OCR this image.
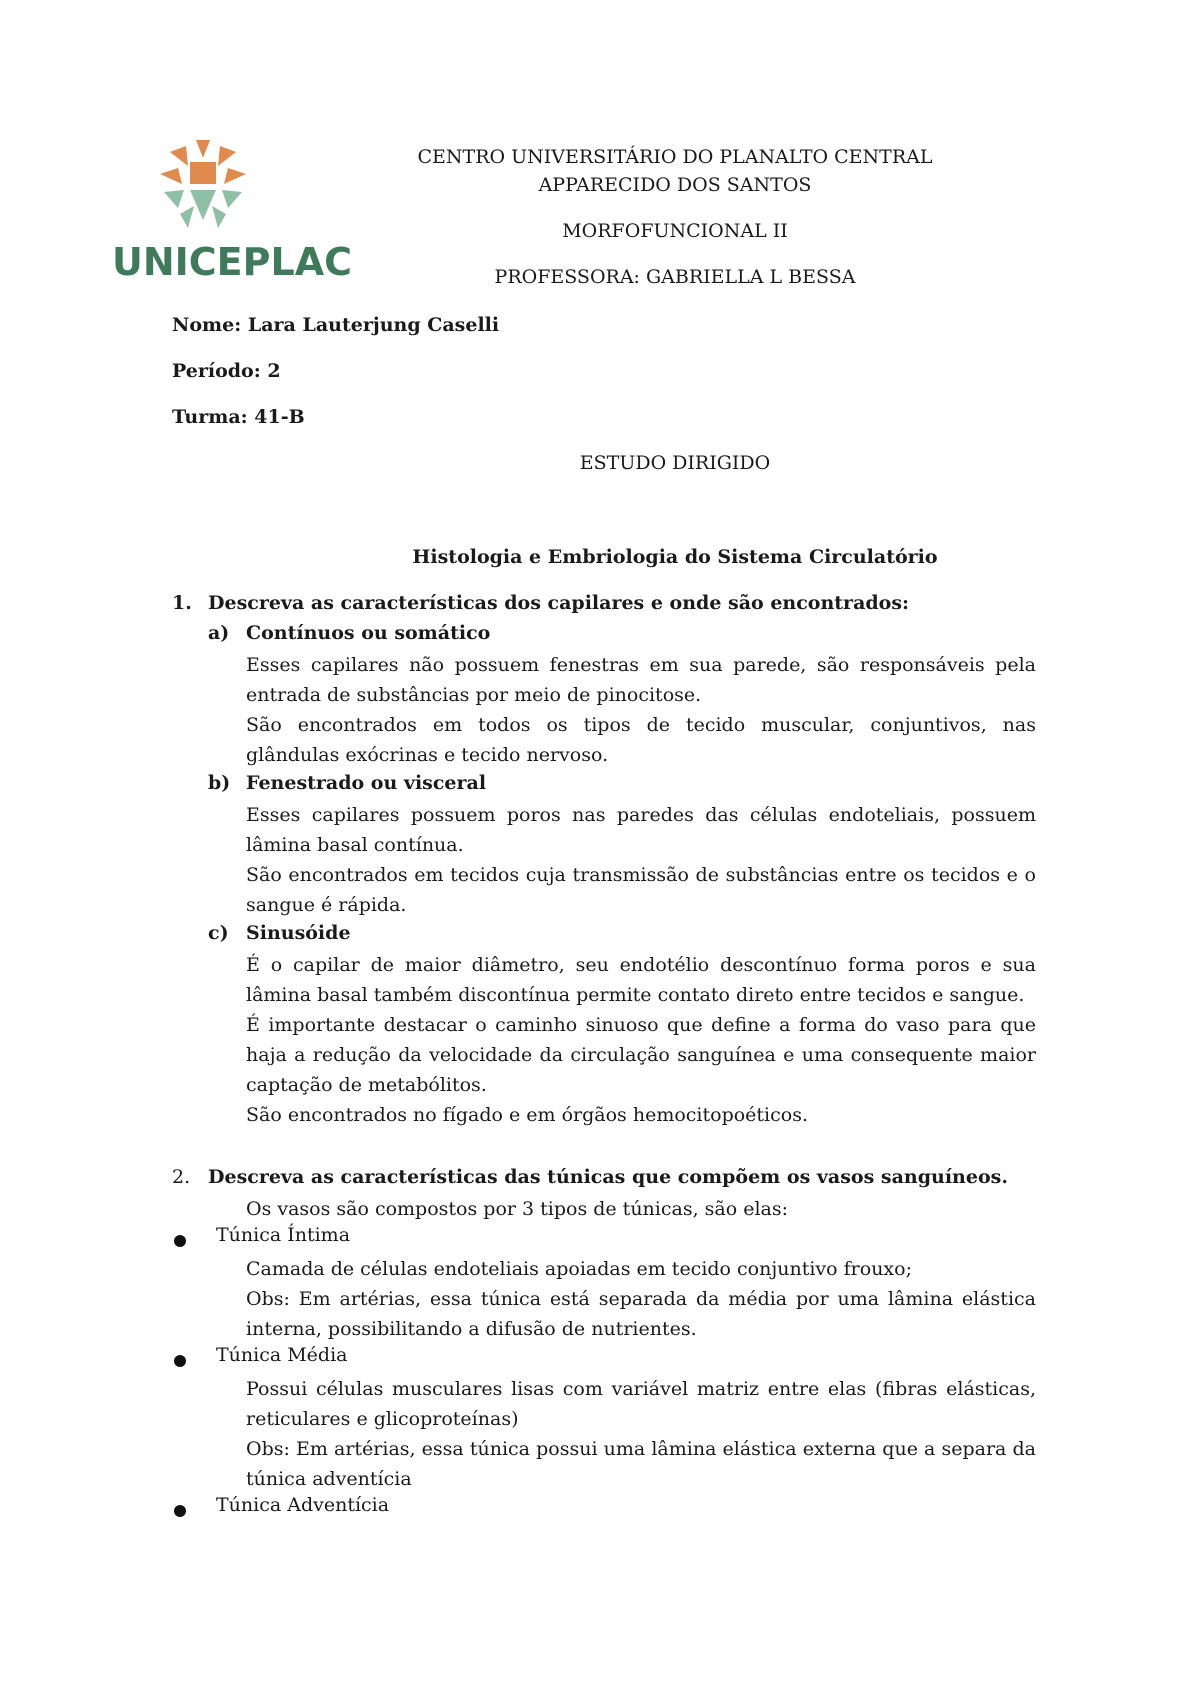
UNICEPLAC
CENTRO UNIVERSITÁRIO DO PLANALTO CENTRAL
APPARECIDO DOS SANTOS
MORFOFUNCIONAL II
PROFESSORA: GABRIELLA L BESSA
Nome: Lara Lauterjung Caselli
Período: 2
Turma: 41-B
ESTUDO DIRIGIDO
Histologia e Embriologia do Sistema Circulatório
1. Descreva as características dos capilares e onde são encontrados:
a) Contínuos ou somático
Esses capilares não possuem fenestras em sua parede, são responsáveis pela entrada de substâncias por meio de pinocitose.
São encontrados em todos os tipos de tecido muscular, conjuntivos, nas glândulas exócrinas e tecido nervoso.
b) Fenestrado ou visceral
Esses capilares possuem poros nas paredes das células endoteliais, possuem lâmina basal contínua.
São encontrados em tecidos cuja transmissão de substâncias entre os tecidos e o sangue é rápida.
c) Sinusóide
É o capilar de maior diâmetro, seu endotélio descontínuo forma poros e sua lâmina basal também discontínua permite contato direto entre tecidos e sangue.
É importante destacar o caminho sinuoso que define a forma do vaso para que haja a redução da velocidade da circulação sanguínea e uma consequente maior captação de metabólitos.
São encontrados no fígado e em órgãos hemocitopoéticos.
2. Descreva as características das túnicas que compõem os vasos sanguíneos.
Os vasos são compostos por 3 tipos de túnicas, são elas:
Túnica Íntima
Camada de células endoteliais apoiadas em tecido conjuntivo frouxo;
Obs: Em artérias, essa túnica está separada da média por uma lâmina elástica interna, possibilitando a difusão de nutrientes.
Túnica Média
Possui células musculares lisas com variável matriz entre elas (fibras elásticas, reticulares e glicoproteínas)
Obs: Em artérias, essa túnica possui uma lâmina elástica externa que a separa da túnica adventícia
Túnica Adventícia
